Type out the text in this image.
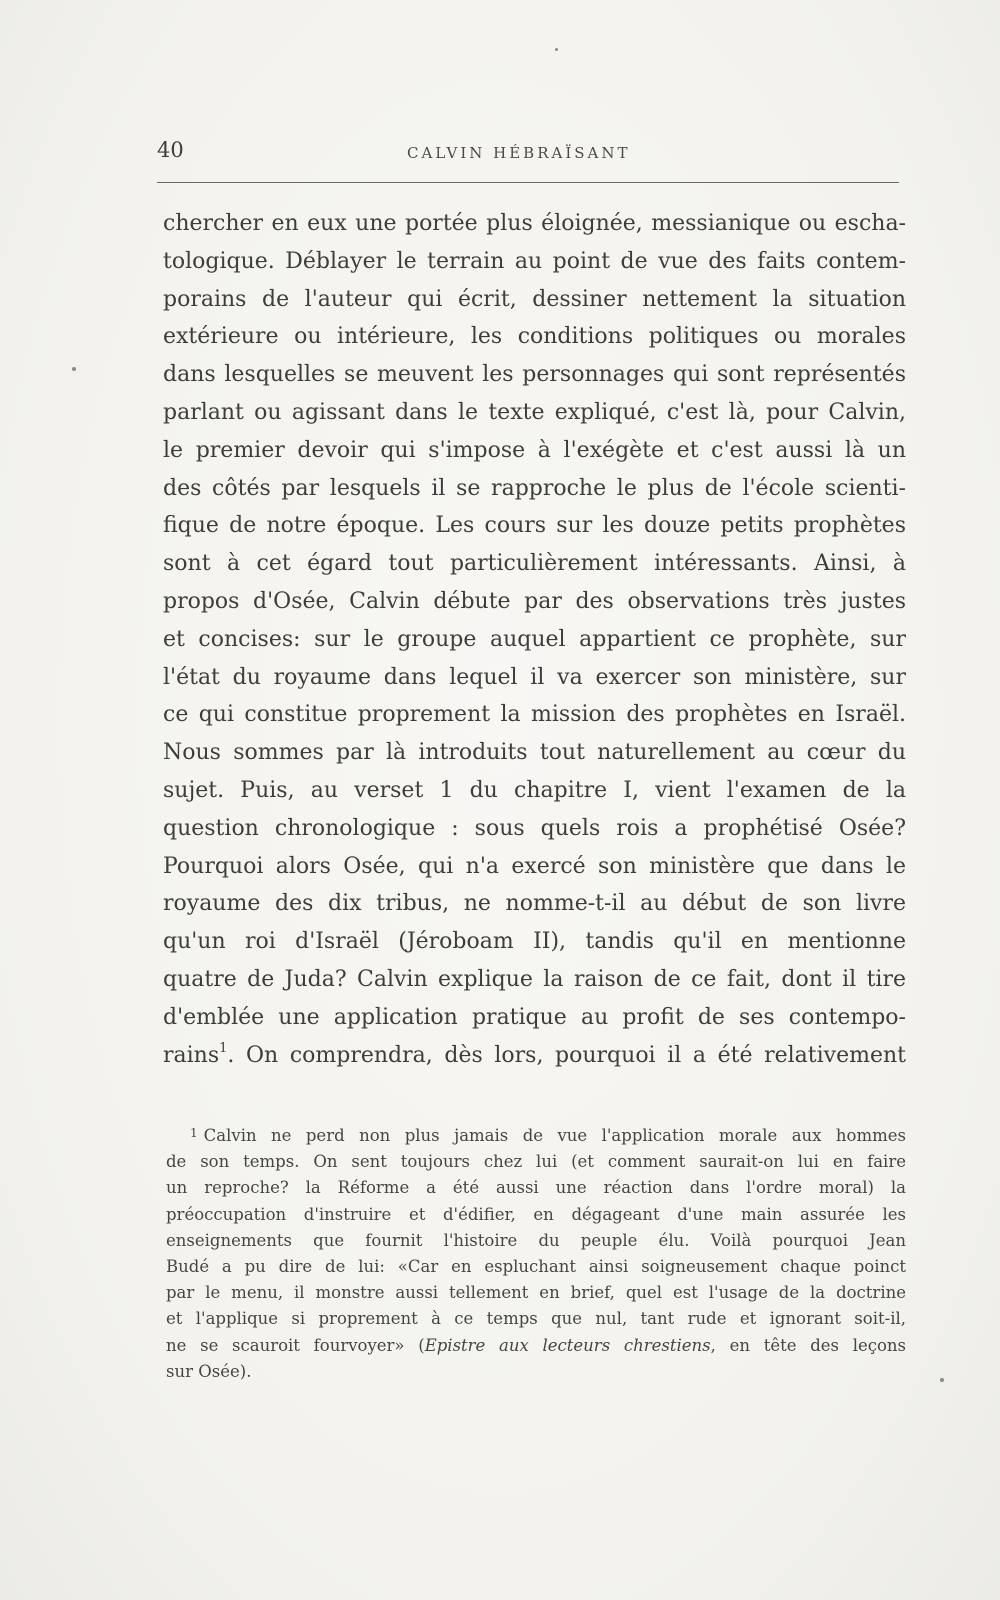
40	CALVIN HÉBRAÏSANT
chercher en eux une portée plus éloignée, messianique ou escha-
tologique. Déblayer le terrain au point de vue des faits contem-
porains de l'auteur qui écrit, dessiner nettement la situation
extérieure ou intérieure, les conditions politiques ou morales
dans lesquelles se meuvent les personnages qui sont représentés
parlant ou agissant dans le texte expliqué, c'est là, pour Calvin,
le premier devoir qui s'impose à l'exégète et c'est aussi là un
des côtés par lesquels il se rapproche le plus de l'école scienti-
fique de notre époque. Les cours sur les douze petits prophètes
sont à cet égard tout particulièrement intéressants. Ainsi, à
propos d'Osée, Calvin débute par des observations très justes
et concises: sur le groupe auquel appartient ce prophète, sur
l'état du royaume dans lequel il va exercer son ministère, sur
ce qui constitue proprement la mission des prophètes en Israël.
Nous sommes par là introduits tout naturellement au cœur du
sujet. Puis, au verset 1 du chapitre I, vient l'examen de la
question chronologique : sous quels rois a prophétisé Osée?
Pourquoi alors Osée, qui n'a exercé son ministère que dans le
royaume des dix tribus, ne nomme-t-il au début de son livre
qu'un roi d'Israël (Jéroboam II), tandis qu'il en mentionne
quatre de Juda? Calvin explique la raison de ce fait, dont il tire
d'emblée une application pratique au profit de ses contempo-
rains$^1$. On comprendra, dès lors, pourquoi il a été relativement
$^1$ Calvin ne perd non plus jamais de vue l'application morale aux hommes
de son temps. On sent toujours chez lui (et comment saurait-on lui en faire
un reproche? la Réforme a été aussi une réaction dans l'ordre moral) la
préoccupation d'instruire et d'édifier, en dégageant d'une main assurée les
enseignements que fournit l'histoire du peuple élu. Voilà pourquoi Jean
Budé a pu dire de lui: «Car en espluchant ainsi soigneusement chaque poinct
par le menu, il monstre aussi tellement en brief, quel est l'usage de la doctrine
et l'applique si proprement à ce temps que nul, tant rude et ignorant soit-il,
ne se scauroit fourvoyer» (Epistre aux lecteurs chrestiens, en tête des leçons
sur Osée).
